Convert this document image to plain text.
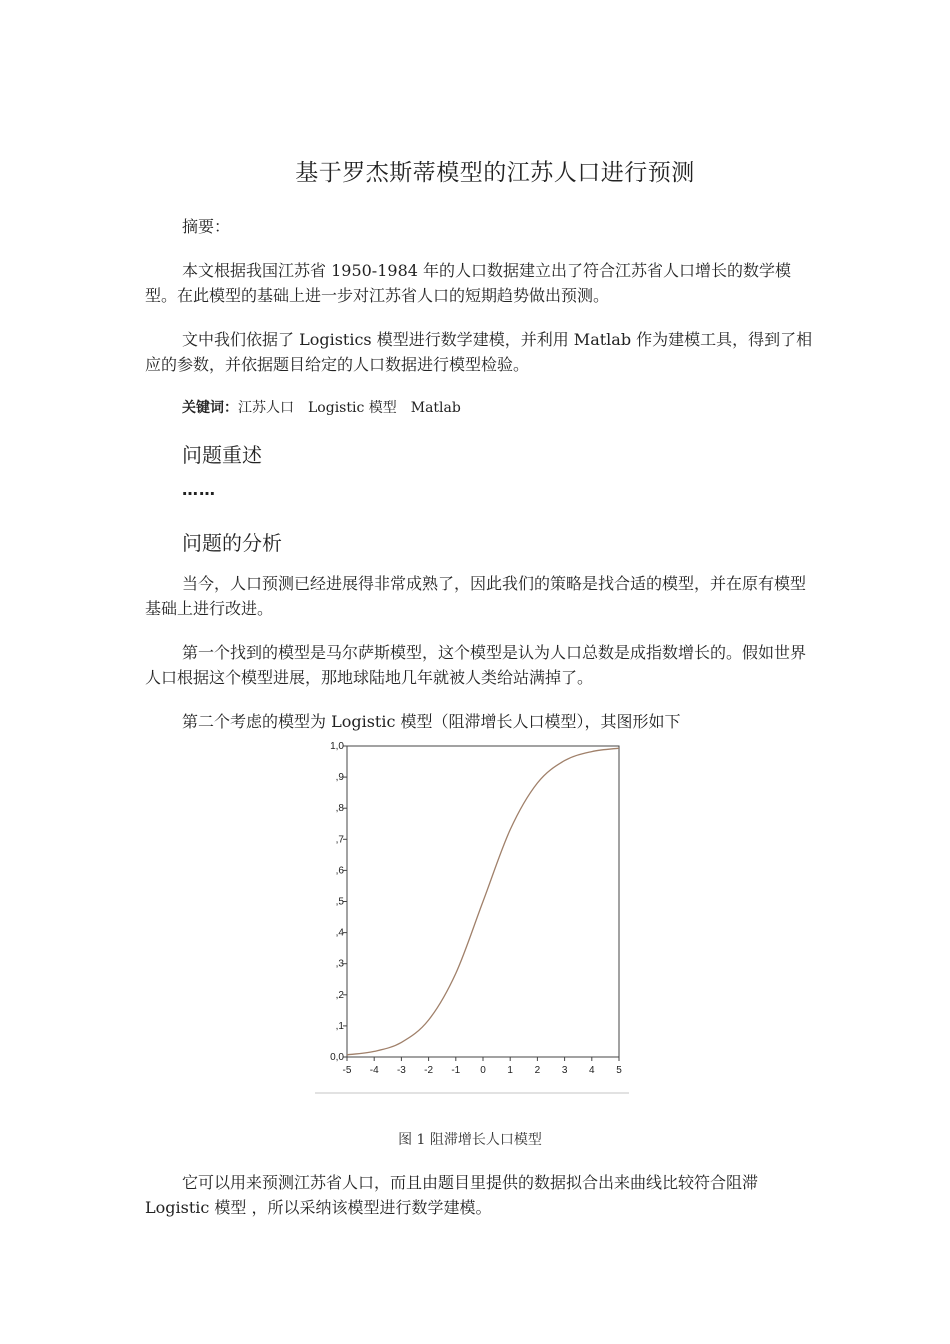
基于罗杰斯蒂模型的江苏人口进行预测
摘要：

本文根据我国江苏省 1950-1984 年的人口数据建立出了符合江苏省人口增长的数学模型。在此模型的基础上进一步对江苏省人口的短期趋势做出预测。

文中我们依据了 Logistics 模型进行数学建模，并利用 Matlab 作为建模工具，得到了相应的参数，并依据题目给定的人口数据进行模型检验。

关键词：江苏人口 Logistic 模型 Matlab
问题重述
……
问题的分析

当今，人口预测已经进展得非常成熟了，因此我们的策略是找合适的模型，并在原有模型基础上进行改进。

第一个找到的模型是马尔萨斯模型，这个模型是认为人口总数是成指数增长的。假如世界人口根据这个模型进展，那地球陆地几年就被人类给站满掉了。

第二个考虑的模型为 Logistic 模型（阻滞增长人口模型），其图形如下

0,0
,1
,2
,3
,4
,5
,6
,7
,8
,9
1,0
-5 -4 -3 -2 -1 0 1 2 3 4 5
图 1 阻滞增长人口模型

它可以用来预测江苏省人口，而且由题目里提供的数据拟合出来曲线比较符合阻滞 Logistic 模型 ，所以采纳该模型进行数学建模。
